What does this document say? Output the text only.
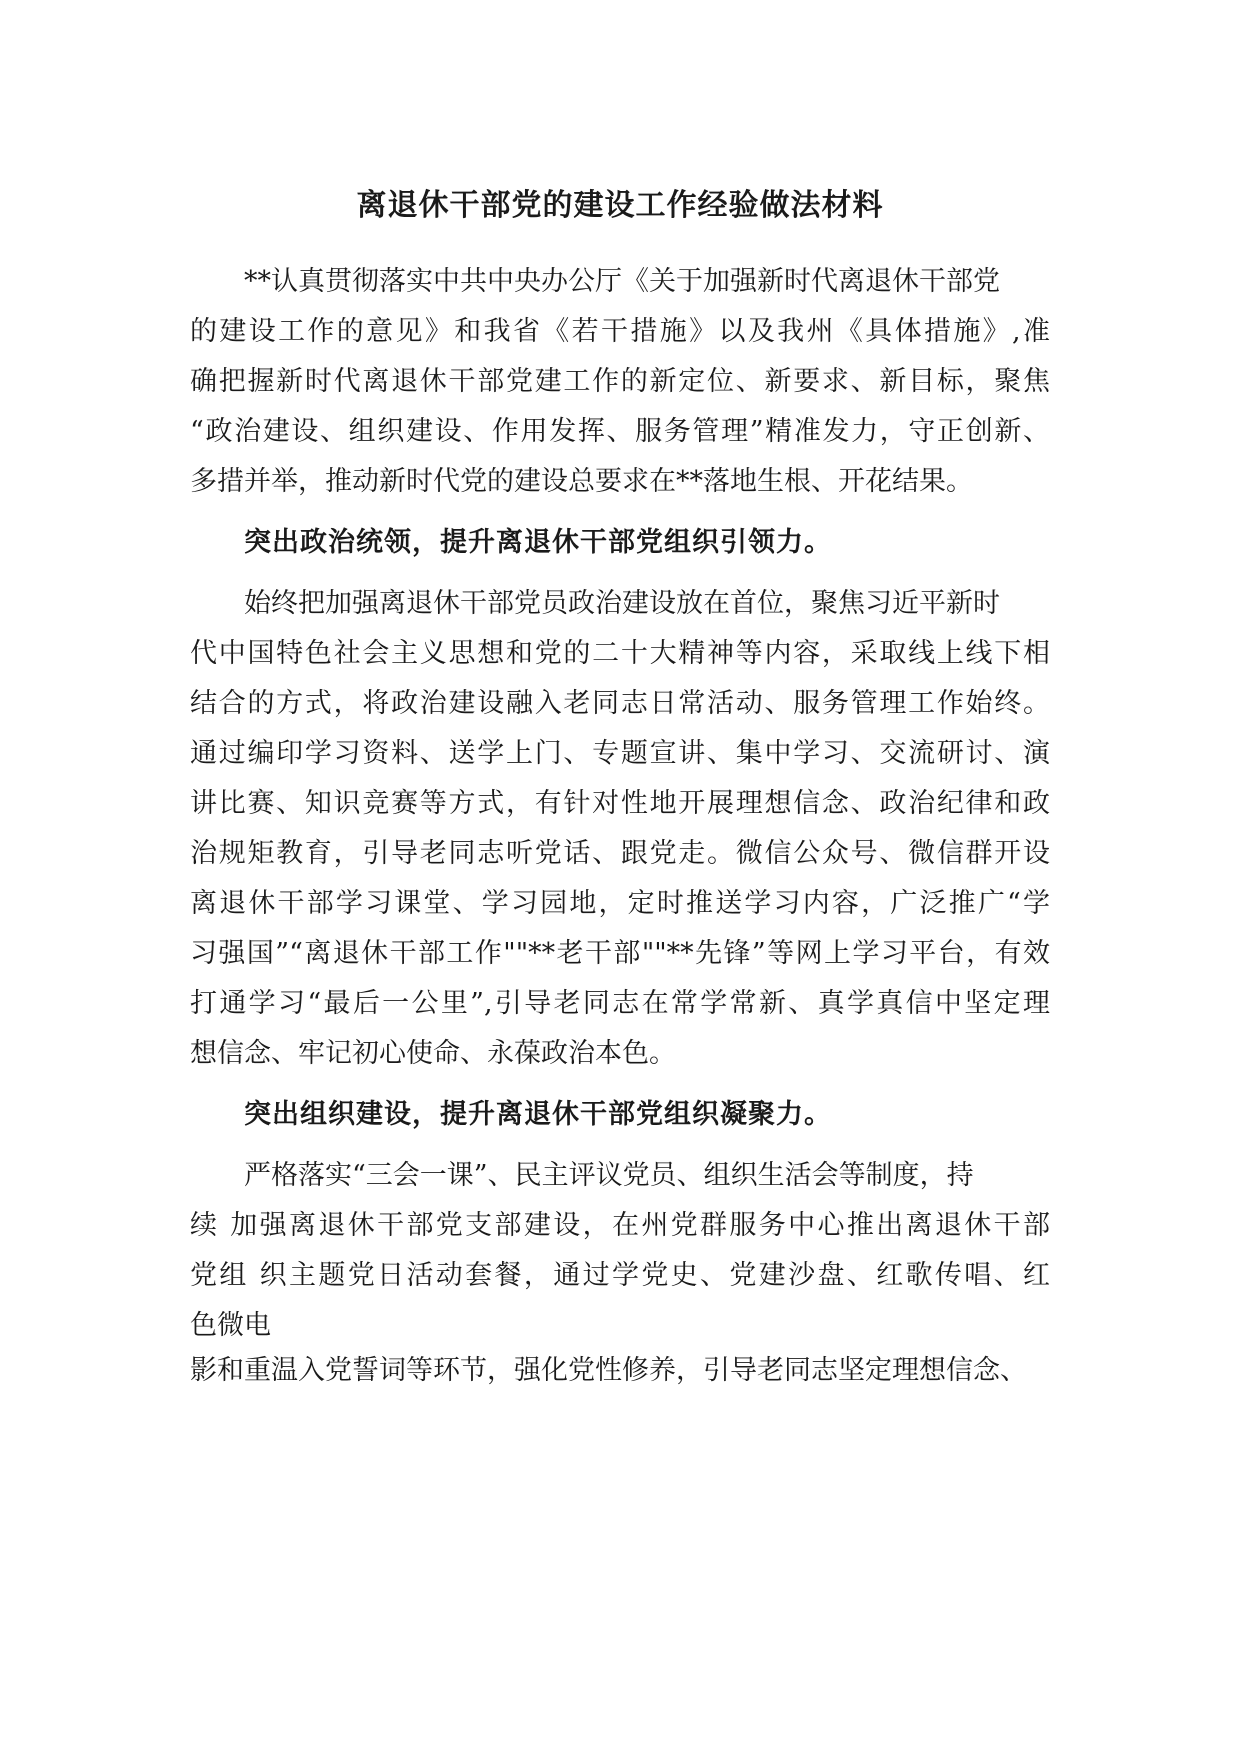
离退休干部党的建设工作经验做法材料

**认真贯彻落实中共中央办公厅《关于加强新时代离退休干部党

的建设工作的意见》和我省《若干措施》以及我州《具体措施》,准

确把握新时代离退休干部党建工作的新定位、新要求、新目标，聚焦

“政治建设、组织建设、作用发挥、服务管理”精准发力，守正创新、

多措并举，推动新时代党的建设总要求在**落地生根、开花结果。

突出政治统领，提升离退休干部党组织引领力。

始终把加强离退休干部党员政治建设放在首位，聚焦习近平新时

代中国特色社会主义思想和党的二十大精神等内容，采取线上线下相

结合的方式，将政治建设融入老同志日常活动、服务管理工作始终。

通过编印学习资料、送学上门、专题宣讲、集中学习、交流研讨、演

讲比赛、知识竞赛等方式，有针对性地开展理想信念、政治纪律和政

治规矩教育，引导老同志听党话、跟党走。微信公众号、微信群开设

离退休干部学习课堂、学习园地，定时推送学习内容，广泛推广“学

习强国”“离退休干部工作""**老干部""**先锋”等网上学习平台，有效

打通学习“最后一公里”,引导老同志在常学常新、真学真信中坚定理

想信念、牢记初心使命、永葆政治本色。

突出组织建设，提升离退休干部党组织凝聚力。

严格落实“三会一课”、民主评议党员、组织生活会等制度，持

续 加强离退休干部党支部建设，在州党群服务中心推出离退休干部

党组 织主题党日活动套餐，通过学党史、党建沙盘、红歌传唱、红

色微电

影和重温入党誓词等环节，强化党性修养，引导老同志坚定理想信念、
